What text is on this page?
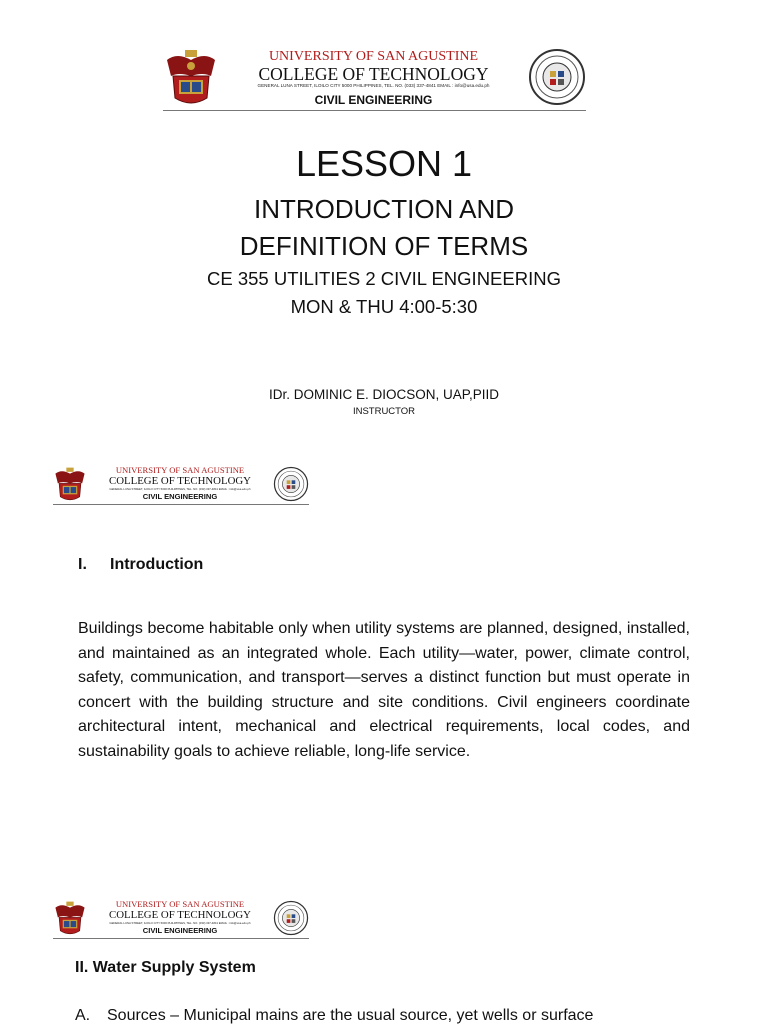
UNIVERSITY OF SAN AGUSTINE
COLLEGE OF TECHNOLOGY
GENERAL LUNA STREET, ILOILO CITY 5000 PHILIPPINES, TEL. NO. (033) 337-4841 EMAIL : info@usa.edu.ph
CIVIL ENGINEERING
LESSON 1
INTRODUCTION AND
DEFINITION OF TERMS
CE 355 UTILITIES 2 CIVIL ENGINEERING
MON & THU 4:00-5:30
IDr. DOMINIC E. DIOCSON, UAP,PIID
INSTRUCTOR
UNIVERSITY OF SAN AGUSTINE
COLLEGE OF TECHNOLOGY
GENERAL LUNA STREET, ILOILO CITY 5000 PHILIPPINES, TEL. NO. (033) 337-4841 EMAIL : info@usa.edu.ph
CIVIL ENGINEERING
I. Introduction

Buildings become habitable only when utility systems are planned, designed, installed, and maintained as an integrated whole. Each utility—water, power, climate control, safety, communication, and transport—serves a distinct function but must operate in concert with the building structure and site conditions. Civil engineers coordinate architectural intent, mechanical and electrical requirements, local codes, and sustainability goals to achieve reliable, long-life service.

UNIVERSITY OF SAN AGUSTINE
COLLEGE OF TECHNOLOGY
GENERAL LUNA STREET, ILOILO CITY 5000 PHILIPPINES, TEL. NO. (033) 337-4841 EMAIL : info@usa.edu.ph
CIVIL ENGINEERING
II. Water Supply System

A. Sources – Municipal mains are the usual source, yet wells or surface
